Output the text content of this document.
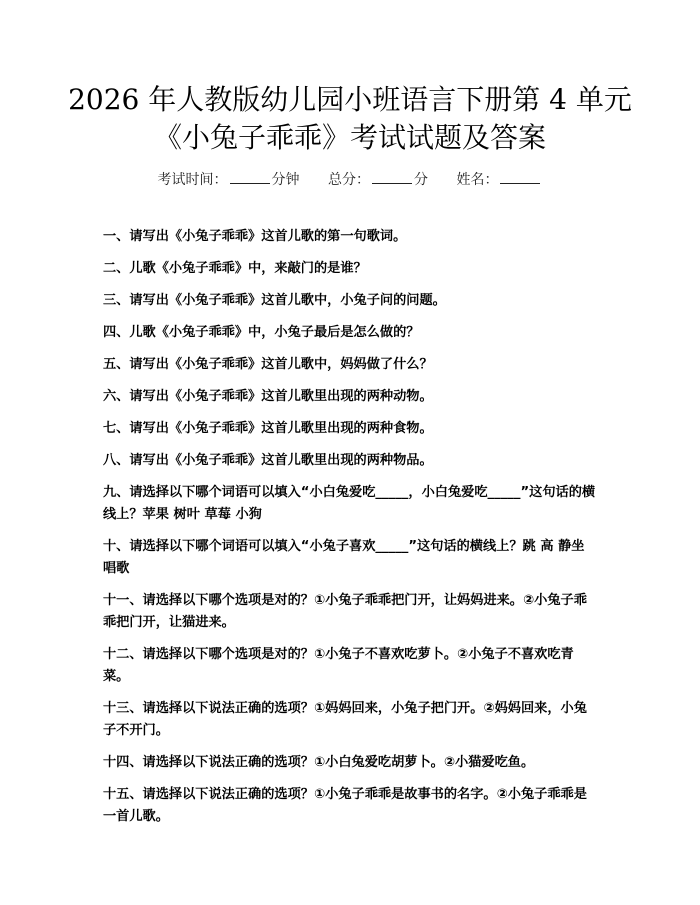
2026 年人教版幼儿园小班语言下册第 4 单元
《小兔子乖乖》考试试题及答案
考试时间：	分钟 总分：	分 姓名：
一、请写出《小兔子乖乖》这首儿歌的第一句歌词。
二、儿歌《小兔子乖乖》中，来敲门的是谁？
三、请写出《小兔子乖乖》这首儿歌中，小兔子问的问题。
四、儿歌《小兔子乖乖》中，小兔子最后是怎么做的？
五、请写出《小兔子乖乖》这首儿歌中，妈妈做了什么？
六、请写出《小兔子乖乖》这首儿歌里出现的两种动物。
七、请写出《小兔子乖乖》这首儿歌里出现的两种食物。
八、请写出《小兔子乖乖》这首儿歌里出现的两种物品。
九、请选择以下哪个词语可以填入“小白兔爱吃_____，小白兔爱吃_____”这句话的横线上？苹果 树叶 草莓 小狗
十、请选择以下哪个词语可以填入“小兔子喜欢_____”这句话的横线上？跳 高 静坐 唱歌
十一、请选择以下哪个选项是对的？①小兔子乖乖把门开，让妈妈进来。②小兔子乖乖把门开，让猫进来。
十二、请选择以下哪个选项是对的？①小兔子不喜欢吃萝卜。②小兔子不喜欢吃青菜。
十三、请选择以下说法正确的选项？①妈妈回来，小兔子把门开。②妈妈回来，小兔子不开门。
十四、请选择以下说法正确的选项？①小白兔爱吃胡萝卜。②小猫爱吃鱼。
十五、请选择以下说法正确的选项？①小兔子乖乖是故事书的名字。②小兔子乖乖是一首儿歌。
